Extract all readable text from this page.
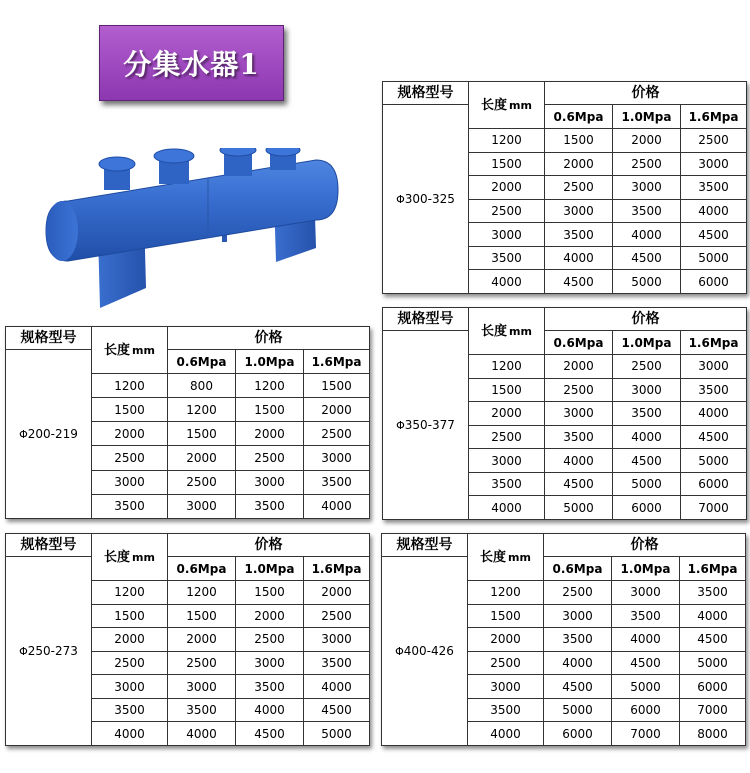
分集水器1
规格型号	长度 mm	价格		
Φ300-325		0.6Mpa	1.0Mpa	1.6Mpa
	1200	1500	2000	2500
	1500	2000	2500	3000
	2000	2500	3000	3500
	2500	3000	3500	4000
	3000	3500	4000	4500
	3500	4000	4500	5000
	4000	4500	5000	6000
规格型号	长度 mm	价格		
Φ200-219		0.6Mpa	1.0Mpa	1.6Mpa
	1200	800	1200	1500
	1500	1200	1500	2000
	2000	1500	2000	2500
	2500	2000	2500	3000
	3000	2500	3000	3500
	3500	3000	3500	4000
规格型号	长度 mm	价格		
Φ350-377		0.6Mpa	1.0Mpa	1.6Mpa
	1200	2000	2500	3000
	1500	2500	3000	3500
	2000	3000	3500	4000
	2500	3500	4000	4500
	3000	4000	4500	5000
	3500	4500	5000	6000
	4000	5000	6000	7000
规格型号	长度 mm	价格		
Φ250-273		0.6Mpa	1.0Mpa	1.6Mpa
	1200	1200	1500	2000
	1500	1500	2000	2500
	2000	2000	2500	3000
	2500	2500	3000	3500
	3000	3000	3500	4000
	3500	3500	4000	4500
	4000	4000	4500	5000
规格型号	长度 mm	价格		
Φ400-426		0.6Mpa	1.0Mpa	1.6Mpa
	1200	2500	3000	3500
	1500	3000	3500	4000
	2000	3500	4000	4500
	2500	4000	4500	5000
	3000	4500	5000	6000
	3500	5000	6000	7000
	4000	6000	7000	8000
